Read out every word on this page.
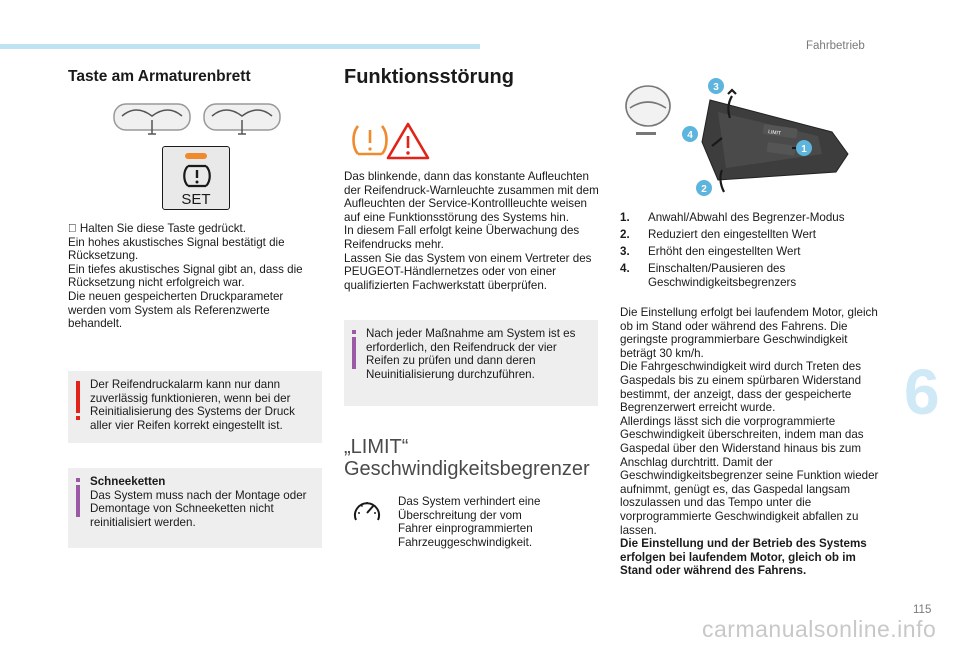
Fahrbetrieb
6
Taste am Armaturenbrett
SET
Halten Sie diese Taste gedrückt.
Ein hohes akustisches Signal bestätigt die Rücksetzung.
Ein tiefes akustisches Signal gibt an, dass die Rücksetzung nicht erfolgreich war.
Die neuen gespeicherten Druckparameter werden vom System als Referenzwerte behandelt.
Der Reifendruckalarm kann nur dann zuverlässig funktionieren, wenn bei der Reinitialisierung des Systems der Druck aller vier Reifen korrekt eingestellt ist.
Schneeketten
Das System muss nach der Montage oder Demontage von Schneeketten nicht reinitialisiert werden.
Funktionsstörung
Das blinkende, dann das konstante Aufleuchten der Reifendruck-Warnleuchte zusammen mit dem Aufleuchten der Service-Kontrollleuchte weisen auf eine Funktionsstörung des Systems hin.
In diesem Fall erfolgt keine Überwachung des Reifendrucks mehr.
Lassen Sie das System von einem Vertreter des PEUGEOT-Händlernetzes oder von einer qualifizierten Fachwerkstatt überprüfen.
Nach jeder Maßnahme am System ist es erforderlich, den Reifendruck der vier Reifen zu prüfen und dann deren Neuinitialisierung durchzuführen.
„LIMIT“
Geschwindigkeitsbegrenzer
Das System verhindert eine Überschreitung der vom Fahrer einprogrammierten Fahrzeuggeschwindigkeit.
LIMIT
1
2
3
4
1. Anwahl/Abwahl des Begrenzer-Modus
2. Reduziert den eingestellten Wert
3. Erhöht den eingestellten Wert
4. Einschalten/Pausieren des Geschwindigkeitsbegrenzers
Die Einstellung erfolgt bei laufendem Motor, gleich ob im Stand oder während des Fahrens. Die geringste programmierbare Geschwindigkeit beträgt 30 km/h.
Die Fahrgeschwindigkeit wird durch Treten des Gaspedals bis zu einem spürbaren Widerstand bestimmt, der anzeigt, dass der gespeicherte Begrenzerwert erreicht wurde.
Allerdings lässt sich die vorprogrammierte Geschwindigkeit überschreiten, indem man das Gaspedal über den Widerstand hinaus bis zum Anschlag durchtritt. Damit der Geschwindigkeitsbegrenzer seine Funktion wieder aufnimmt, genügt es, das Gaspedal langsam loszulassen und das Tempo unter die vorprogrammierte Geschwindigkeit abfallen zu lassen.
Die Einstellung und der Betrieb des Systems erfolgen bei laufendem Motor, gleich ob im Stand oder während des Fahrens.
115
carmanualsonline.info
